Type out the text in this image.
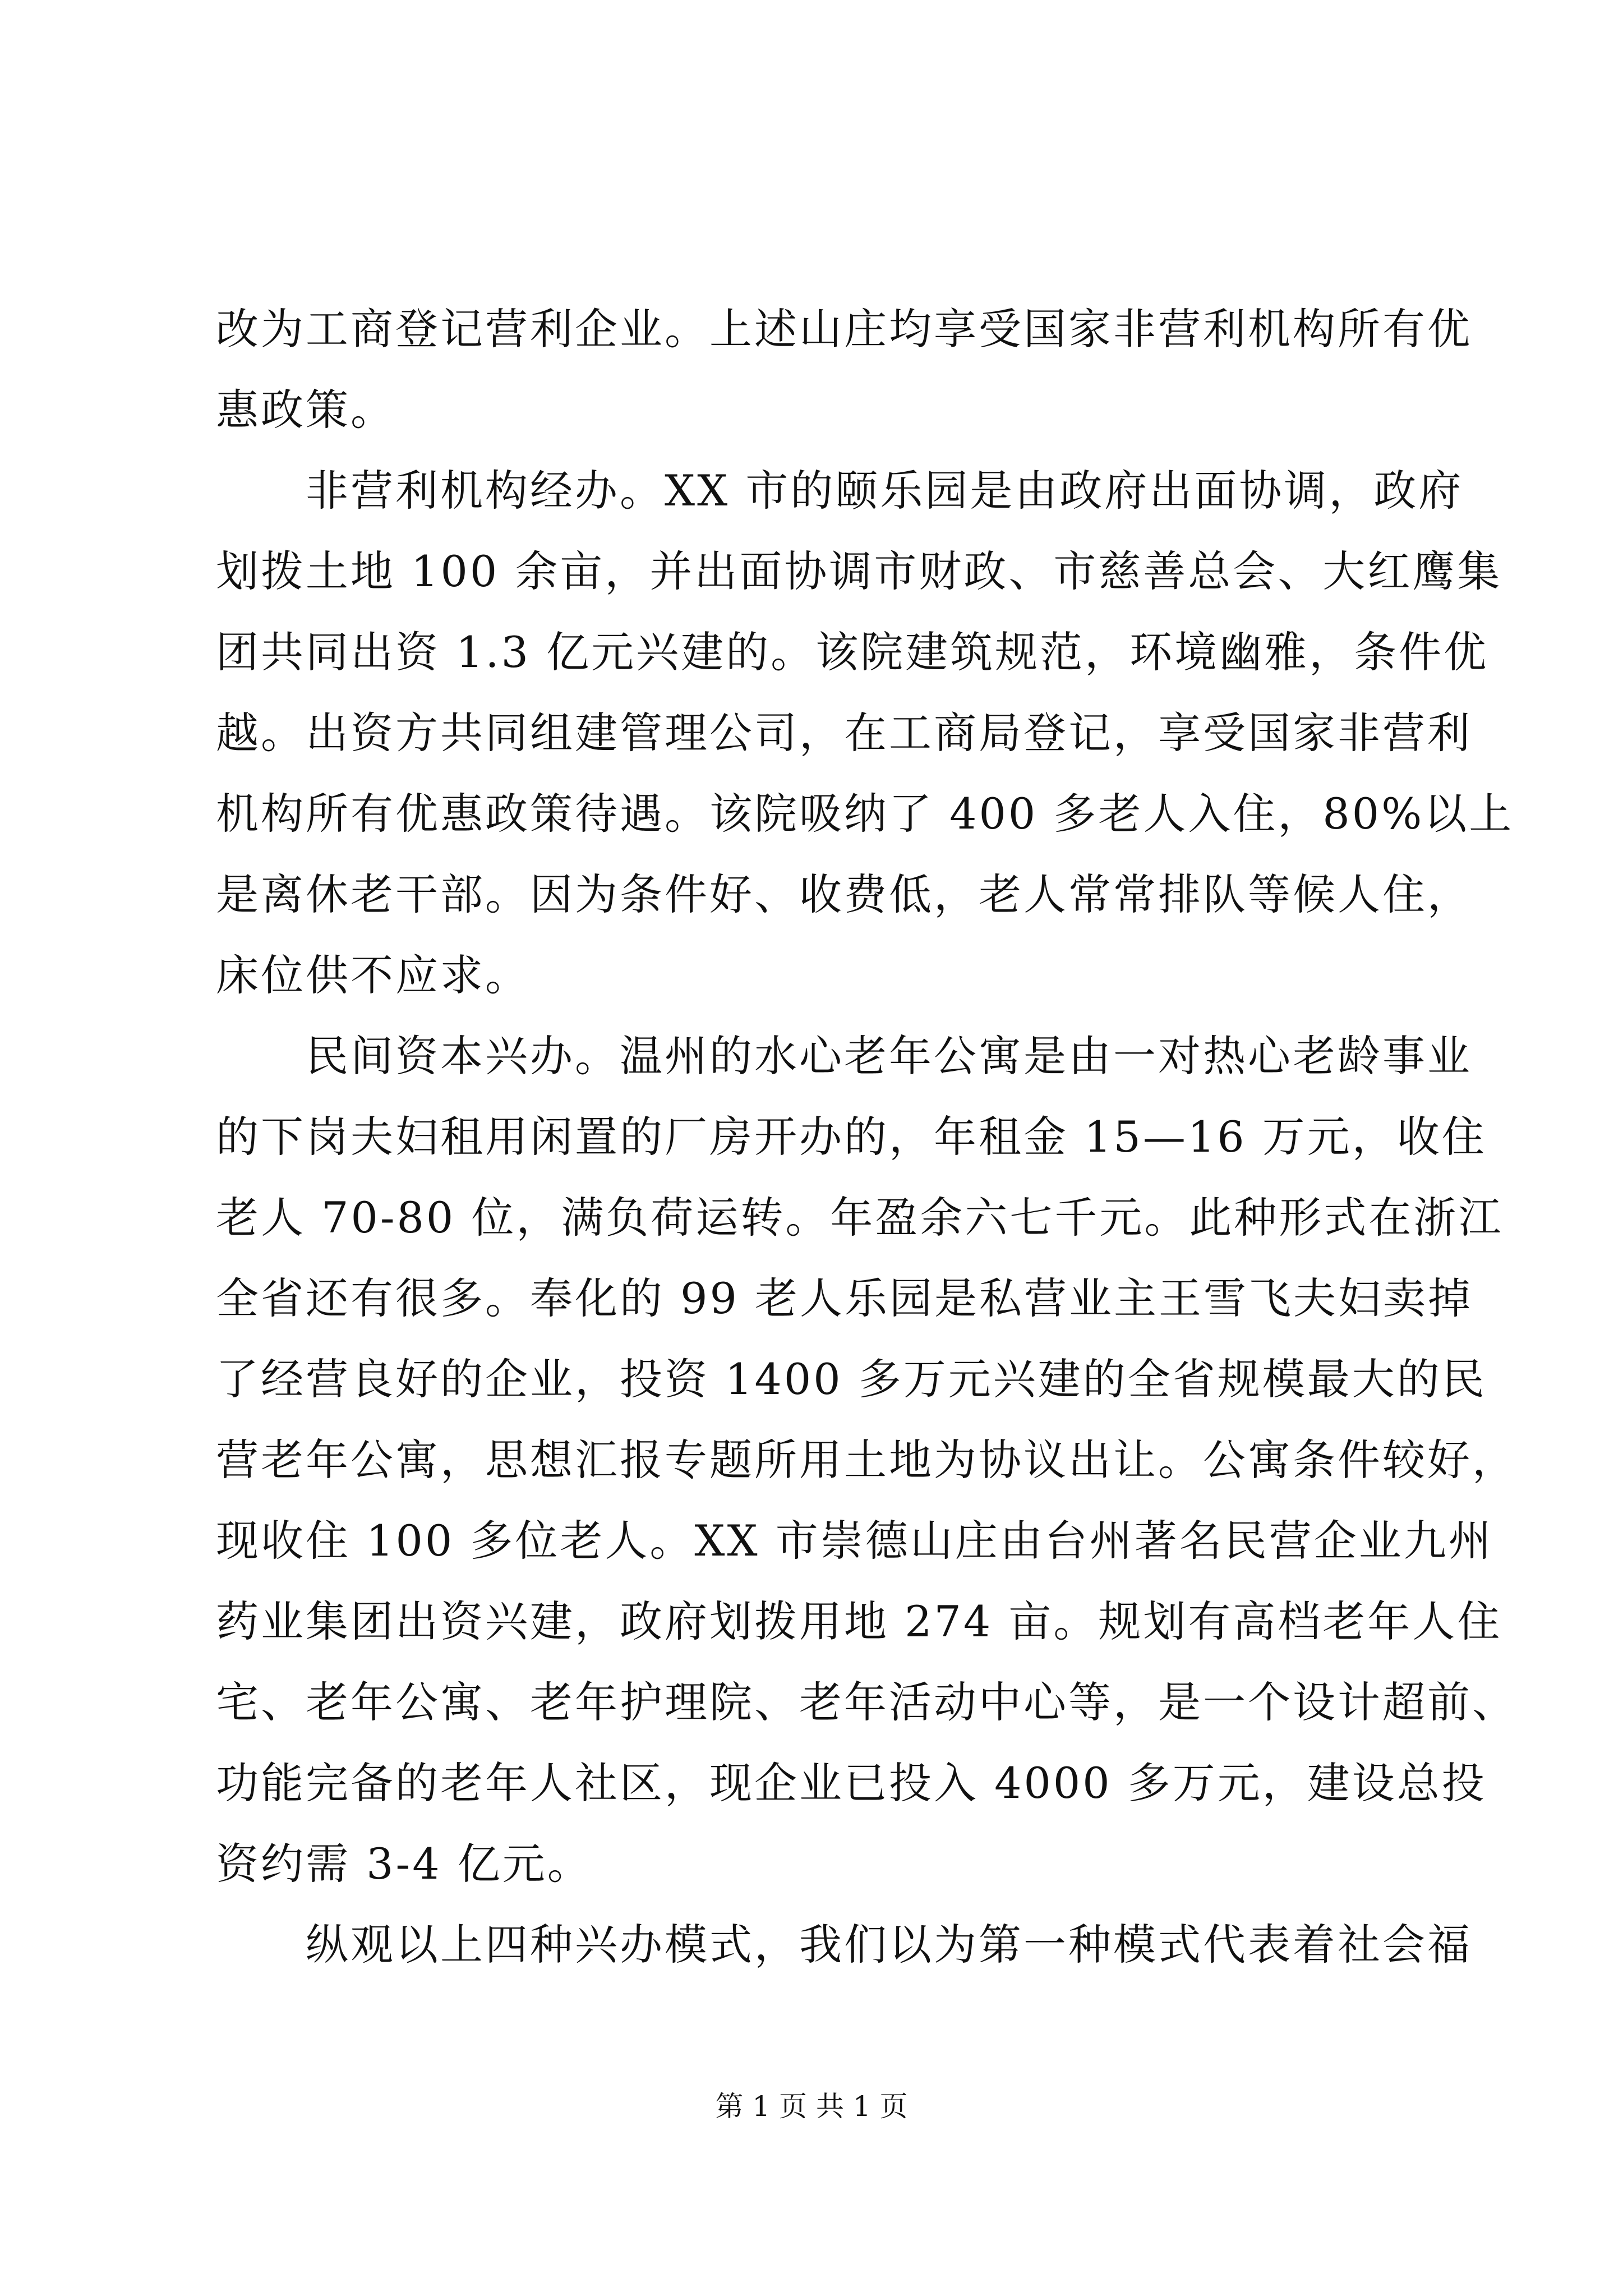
改为工商登记营利企业。上述山庄均享受国家非营利机构所有优
惠政策。
非营利机构经办。XX 市的颐乐园是由政府出面协调，政府
划拨土地 100 余亩，并出面协调市财政、市慈善总会、大红鹰集
团共同出资 1.3 亿元兴建的。该院建筑规范，环境幽雅，条件优
越。出资方共同组建管理公司，在工商局登记，享受国家非营利
机构所有优惠政策待遇。该院吸纳了 400 多老人入住，80%以上
是离休老干部。因为条件好、收费低，老人常常排队等候人住，
床位供不应求。
民间资本兴办。温州的水心老年公寓是由一对热心老龄事业
的下岗夫妇租用闲置的厂房开办的，年租金 15—16 万元，收住
老人 70-80 位，满负荷运转。年盈余六七千元。此种形式在浙江
全省还有很多。奉化的 99 老人乐园是私营业主王雪飞夫妇卖掉
了经营良好的企业，投资 1400 多万元兴建的全省规模最大的民
营老年公寓，思想汇报专题所用土地为协议出让。公寓条件较好，
现收住 100 多位老人。XX 市崇德山庄由台州著名民营企业九州
药业集团出资兴建，政府划拨用地 274 亩。规划有高档老年人住
宅、老年公寓、老年护理院、老年活动中心等，是一个设计超前、
功能完备的老年人社区，现企业已投入 4000 多万元，建设总投
资约需 3-4 亿元。
纵观以上四种兴办模式，我们以为第一种模式代表着社会福
第 1 页 共 1 页
